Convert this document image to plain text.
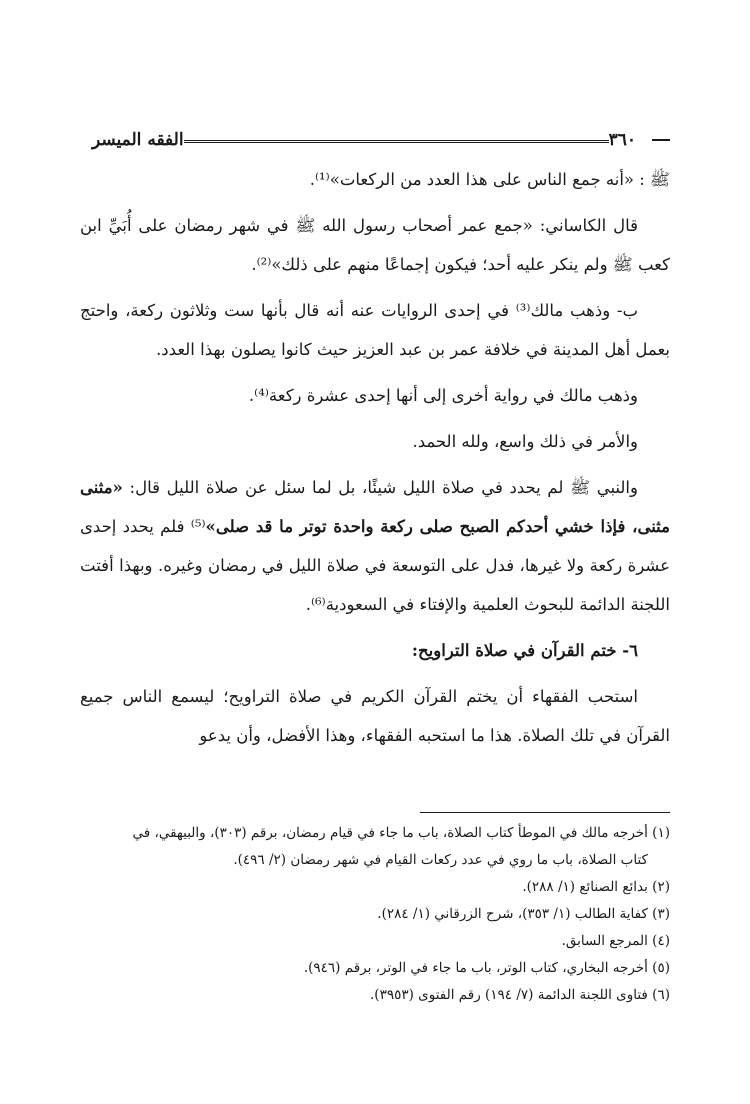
الفقه الميسر	٣٦٠

ﷺ : «أنه جمع الناس على هذا العدد من الركعات»⁽¹⁾.

قال الكاساني: «جمع عمر أصحاب رسول الله ﷺ في شهر رمضان على أُبَيِّ ابن كعب ﷺ ولم ينكر عليه أحد؛ فيكون إجماعًا منهم على ذلك»⁽²⁾.

ب- وذهب مالك⁽³⁾ في إحدى الروايات عنه أنه قال بأنها ست وثلاثون ركعة، واحتج بعمل أهل المدينة في خلافة عمر بن عبد العزيز حيث كانوا يصلون بهذا العدد.

وذهب مالك في رواية أخرى إلى أنها إحدى عشرة ركعة⁽⁴⁾.

والأمر في ذلك واسع، ولله الحمد.

والنبي ﷺ لم يحدد في صلاة الليل شيئًا، بل لما سئل عن صلاة الليل قال: «مثنى مثنى، فإذا خشي أحدكم الصبح صلى ركعة واحدة توتر ما قد صلى»⁽⁵⁾ فلم يحدد إحدى عشرة ركعة ولا غيرها، فدل على التوسعة في صلاة الليل في رمضان وغيره. وبهذا أفتت اللجنة الدائمة للبحوث العلمية والإفتاء في السعودية⁽⁶⁾.

٦- ختم القرآن في صلاة التراويح:

استحب الفقهاء أن يختم القرآن الكريم في صلاة التراويح؛ ليسمع الناس جميع القرآن في تلك الصلاة. هذا ما استحبه الفقهاء، وهذا الأفضل، وأن يدعو

(١) أخرجه مالك في الموطأ كتاب الصلاة، باب ما جاء في قيام رمضان، برقم (٣٠٣)، والبيهقي، في

كتاب الصلاة، باب ما روي في عدد ركعات القيام في شهر رمضان (٢/ ٤٩٦).

(٢) بدائع الصنائع (١/ ٢٨٨).

(٣) كفاية الطالب (١/ ٣٥٣)، شرح الزرقاني (١/ ٢٨٤).

(٤) المرجع السابق.

(٥) أخرجه البخاري، كتاب الوتر، باب ما جاء في الوتر، برقم (٩٤٦).

(٦) فتاوى اللجنة الدائمة (٧/ ١٩٤) رقم الفتوى (٣٩٥٣).
